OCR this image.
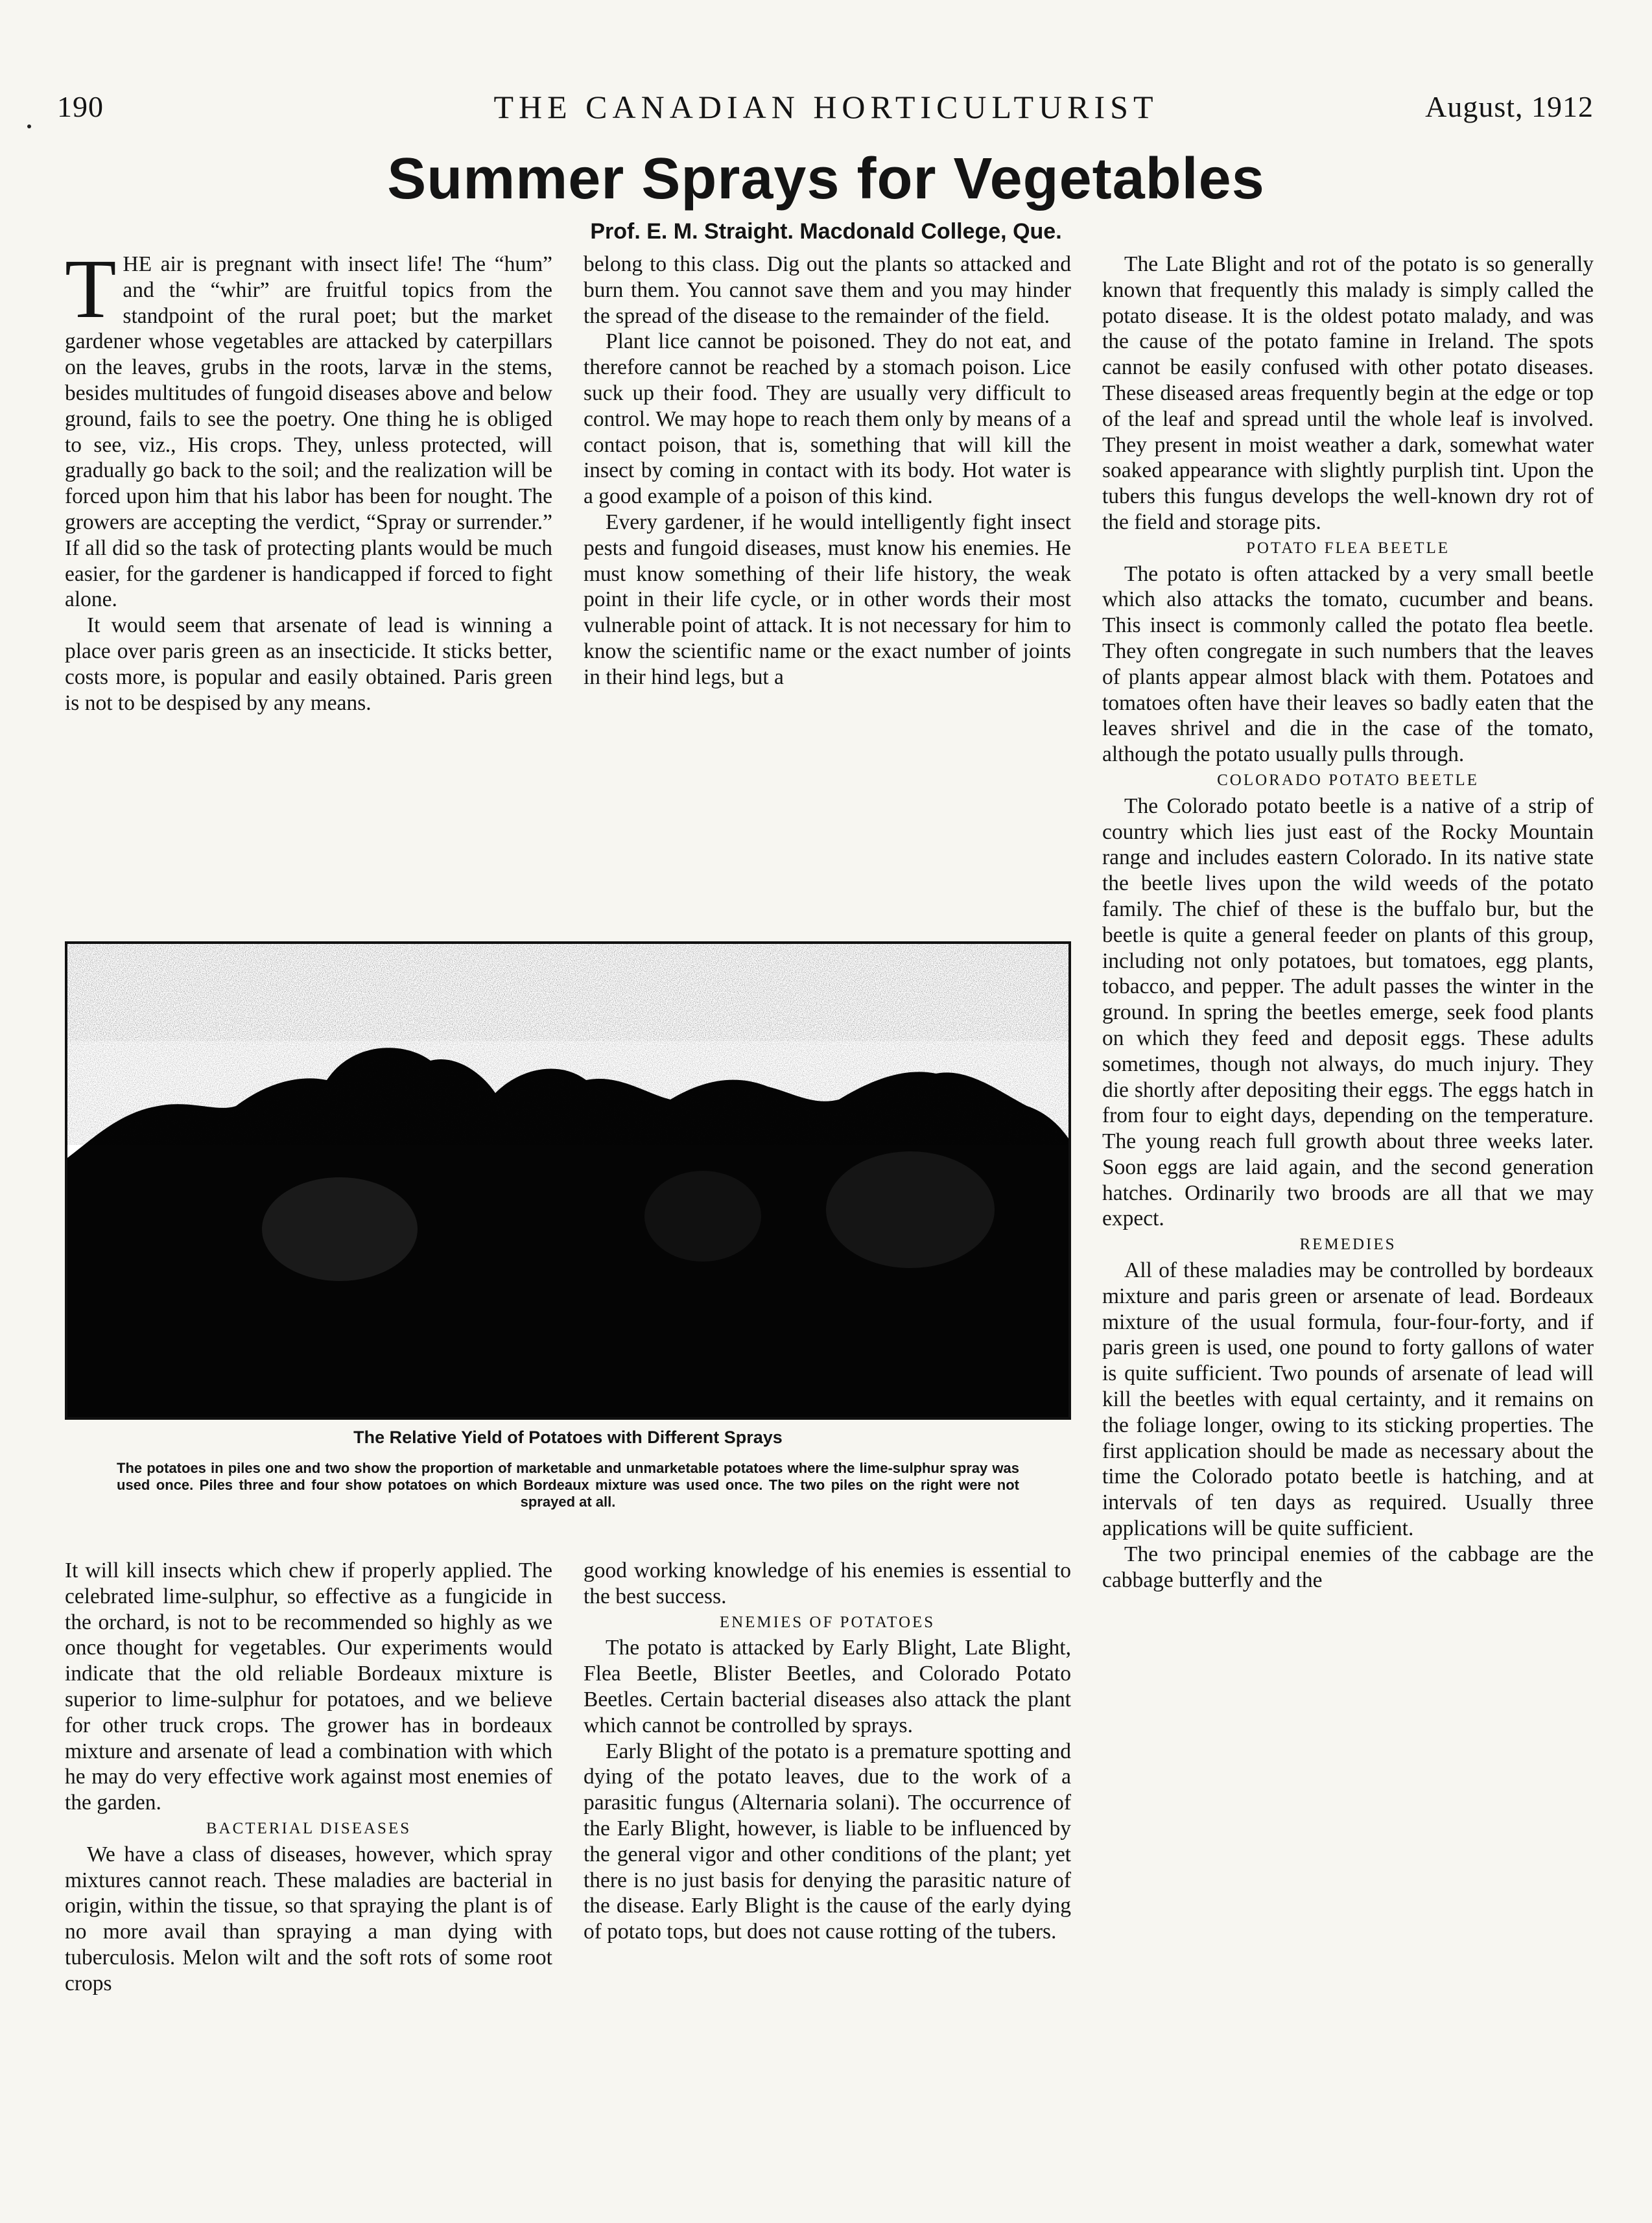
190	THE CANADIAN HORTICULTURIST	August, 1912
Summer Sprays for Vegetables
Prof. E. M. Straight. Macdonald College, Que.

THE air is pregnant with insect life! The “hum” and the “whir” are fruitful topics from the standpoint of the rural poet; but the market gardener whose vegetables are attacked by caterpillars on the leaves, grubs in the roots, larvæ in the stems, besides multitudes of fungoid diseases above and below ground, fails to see the poetry. One thing he is obliged to see, viz., His crops. They, unless protected, will gradually go back to the soil; and the realization will be forced upon him that his labor has been for nought. The growers are accepting the verdict, “Spray or surrender.” If all did so the task of protecting plants would be much easier, for the gardener is handicapped if forced to fight alone.

It would seem that arsenate of lead is winning a place over paris green as an insecticide. It sticks better, costs more, is popular and easily obtained. Paris green is not to be despised by any means.

belong to this class. Dig out the plants so attacked and burn them. You cannot save them and you may hinder the spread of the disease to the remainder of the field.

Plant lice cannot be poisoned. They do not eat, and therefore cannot be reached by a stomach poison. Lice suck up their food. They are usually very difficult to control. We may hope to reach them only by means of a contact poison, that is, something that will kill the insect by coming in contact with its body. Hot water is a good example of a poison of this kind.

Every gardener, if he would intelligently fight insect pests and fungoid diseases, must know his enemies. He must know something of their life history, the weak point in their life cycle, or in other words their most vulnerable point of attack. It is not necessary for him to know the scientific name or the exact number of joints in their hind legs, but a

The Relative Yield of Potatoes with Different Sprays
The potatoes in piles one and two show the proportion of marketable and unmarketable potatoes where the lime-sulphur spray was used once. Piles three and four show potatoes on which Bordeaux mixture was used once. The two piles on the right were not sprayed at all.

It will kill insects which chew if properly applied. The celebrated lime-sulphur, so effective as a fungicide in the orchard, is not to be recommended so highly as we once thought for vegetables. Our experiments would indicate that the old reliable Bordeaux mixture is superior to lime-sulphur for potatoes, and we believe for other truck crops. The grower has in bordeaux mixture and arsenate of lead a combination with which he may do very effective work against most enemies of the garden.

BACTERIAL DISEASES

We have a class of diseases, however, which spray mixtures cannot reach. These maladies are bacterial in origin, within the tissue, so that spraying the plant is of no more avail than spraying a man dying with tuberculosis. Melon wilt and the soft rots of some root crops

good working knowledge of his enemies is essential to the best success.

ENEMIES OF POTATOES

The potato is attacked by Early Blight, Late Blight, Flea Beetle, Blister Beetles, and Colorado Potato Beetles. Certain bacterial diseases also attack the plant which cannot be controlled by sprays.

Early Blight of the potato is a premature spotting and dying of the potato leaves, due to the work of a parasitic fungus (Alternaria solani). The occurrence of the Early Blight, however, is liable to be influenced by the general vigor and other conditions of the plant; yet there is no just basis for denying the parasitic nature of the disease. Early Blight is the cause of the early dying of potato tops, but does not cause rotting of the tubers.

The Late Blight and rot of the potato is so generally known that frequently this malady is simply called the potato disease. It is the oldest potato malady, and was the cause of the potato famine in Ireland. The spots cannot be easily confused with other potato diseases. These diseased areas frequently begin at the edge or top of the leaf and spread until the whole leaf is involved. They present in moist weather a dark, somewhat water soaked appearance with slightly purplish tint. Upon the tubers this fungus develops the well-known dry rot of the field and storage pits.

POTATO FLEA BEETLE

The potato is often attacked by a very small beetle which also attacks the tomato, cucumber and beans. This insect is commonly called the potato flea beetle. They often congregate in such numbers that the leaves of plants appear almost black with them. Potatoes and tomatoes often have their leaves so badly eaten that the leaves shrivel and die in the case of the tomato, although the potato usually pulls through.

COLORADO POTATO BEETLE

The Colorado potato beetle is a native of a strip of country which lies just east of the Rocky Mountain range and includes eastern Colorado. In its native state the beetle lives upon the wild weeds of the potato family. The chief of these is the buffalo bur, but the beetle is quite a general feeder on plants of this group, including not only potatoes, but tomatoes, egg plants, tobacco, and pepper. The adult passes the winter in the ground. In spring the beetles emerge, seek food plants on which they feed and deposit eggs. These adults sometimes, though not always, do much injury. They die shortly after depositing their eggs. The eggs hatch in from four to eight days, depending on the temperature. The young reach full growth about three weeks later. Soon eggs are laid again, and the second generation hatches. Ordinarily two broods are all that we may expect.

REMEDIES

All of these maladies may be controlled by bordeaux mixture and paris green or arsenate of lead. Bordeaux mixture of the usual formula, four-four-forty, and if paris green is used, one pound to forty gallons of water is quite sufficient. Two pounds of arsenate of lead will kill the beetles with equal certainty, and it remains on the foliage longer, owing to its sticking properties. The first application should be made as necessary about the time the Colorado potato beetle is hatching, and at intervals of ten days as required. Usually three applications will be quite sufficient.

The two principal enemies of the cabbage are the cabbage butterfly and the
